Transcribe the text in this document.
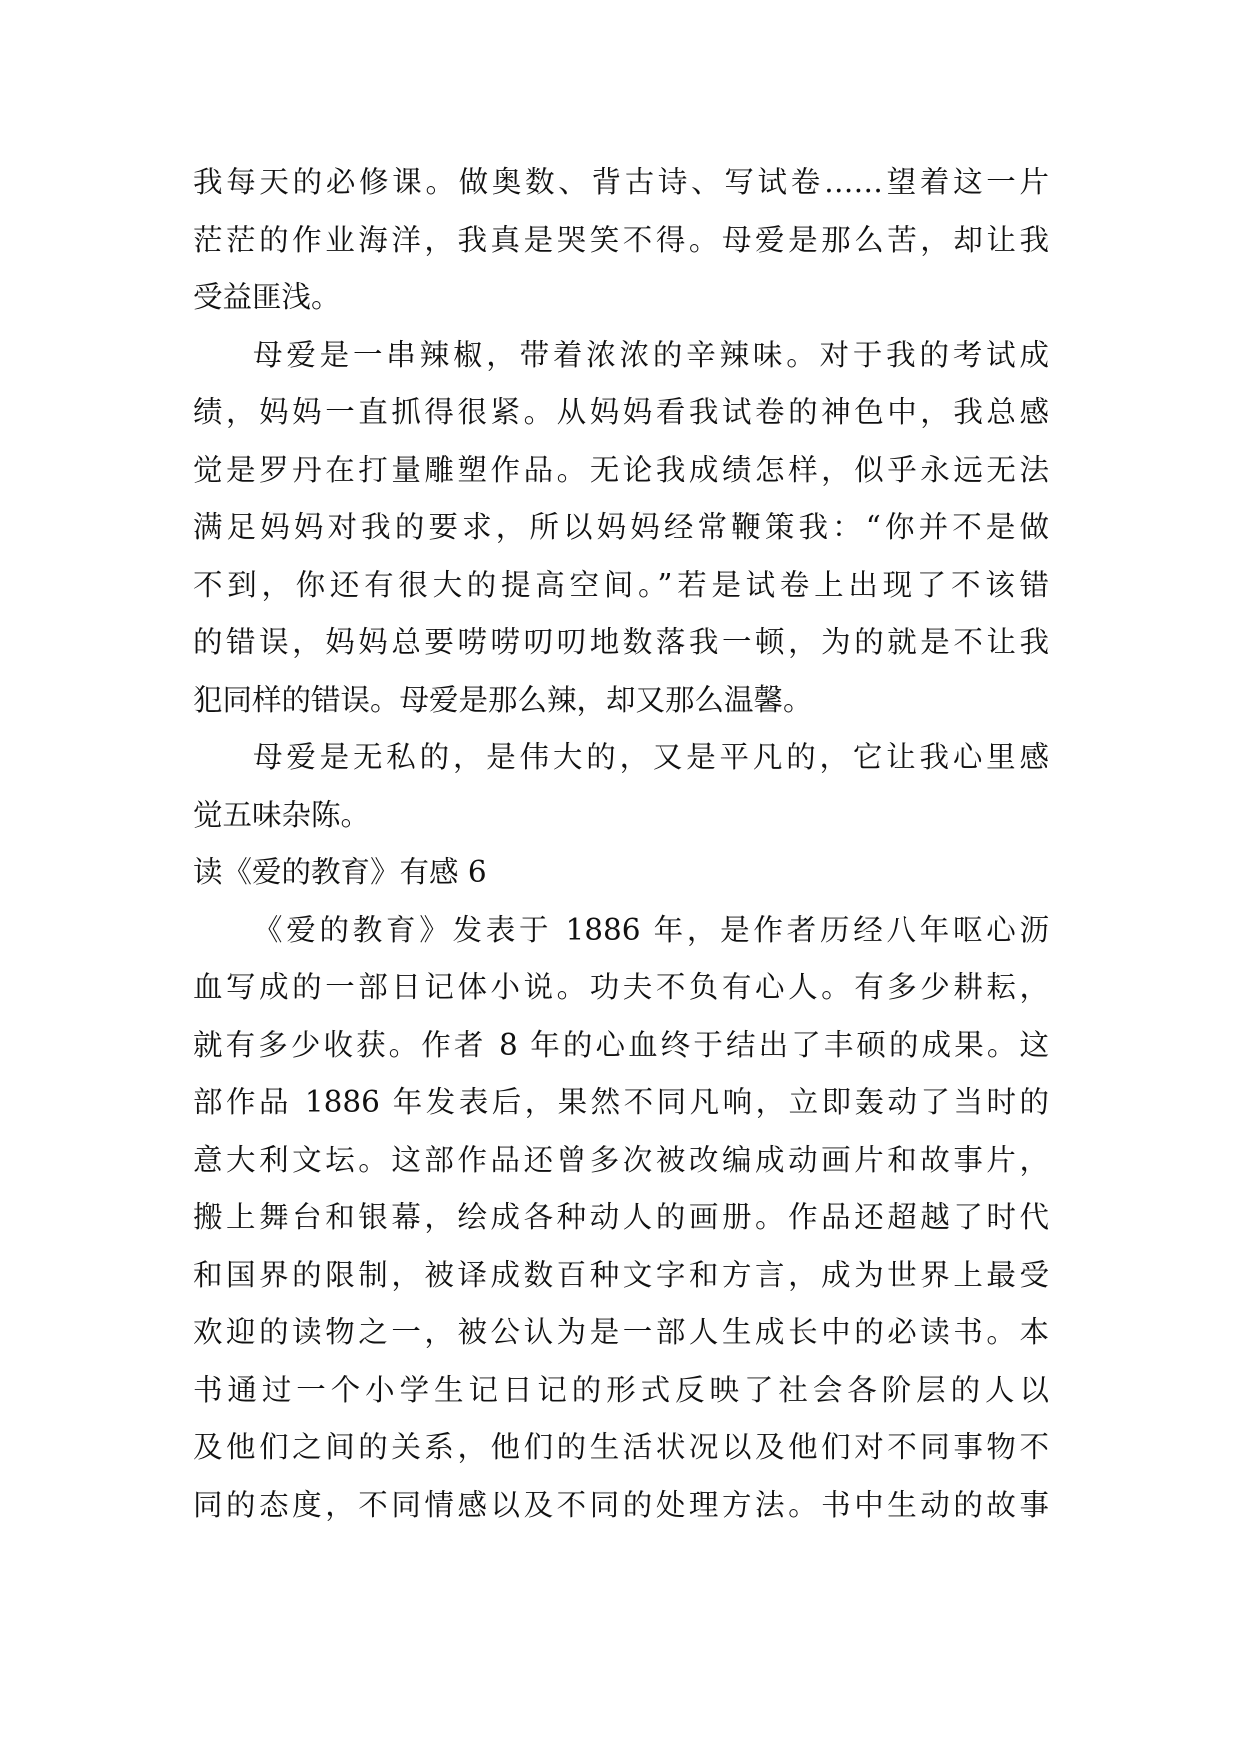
我每天的必修课。做奥数、背古诗、写试卷……望着这一片
茫茫的作业海洋，我真是哭笑不得。母爱是那么苦，却让我
受益匪浅。
母爱是一串辣椒，带着浓浓的辛辣味。对于我的考试成
绩，妈妈一直抓得很紧。从妈妈看我试卷的神色中，我总感
觉是罗丹在打量雕塑作品。无论我成绩怎样，似乎永远无法
满足妈妈对我的要求，所以妈妈经常鞭策我：“你并不是做
不到，你还有很大的提高空间。”若是试卷上出现了不该错
的错误，妈妈总要唠唠叨叨地数落我一顿，为的就是不让我
犯同样的错误。母爱是那么辣，却又那么温馨。
母爱是无私的，是伟大的，又是平凡的，它让我心里感
觉五味杂陈。
读《爱的教育》有感 6
《爱的教育》发表于 1886 年，是作者历经八年呕心沥
血写成的一部日记体小说。功夫不负有心人。有多少耕耘，
就有多少收获。作者 8 年的心血终于结出了丰硕的成果。这
部作品 1886 年发表后，果然不同凡响，立即轰动了当时的
意大利文坛。这部作品还曾多次被改编成动画片和故事片，
搬上舞台和银幕，绘成各种动人的画册。作品还超越了时代
和国界的限制，被译成数百种文字和方言，成为世界上最受
欢迎的读物之一，被公认为是一部人生成长中的必读书。本
书通过一个小学生记日记的形式反映了社会各阶层的人以
及他们之间的关系，他们的生活状况以及他们对不同事物不
同的态度，不同情感以及不同的处理方法。书中生动的故事
